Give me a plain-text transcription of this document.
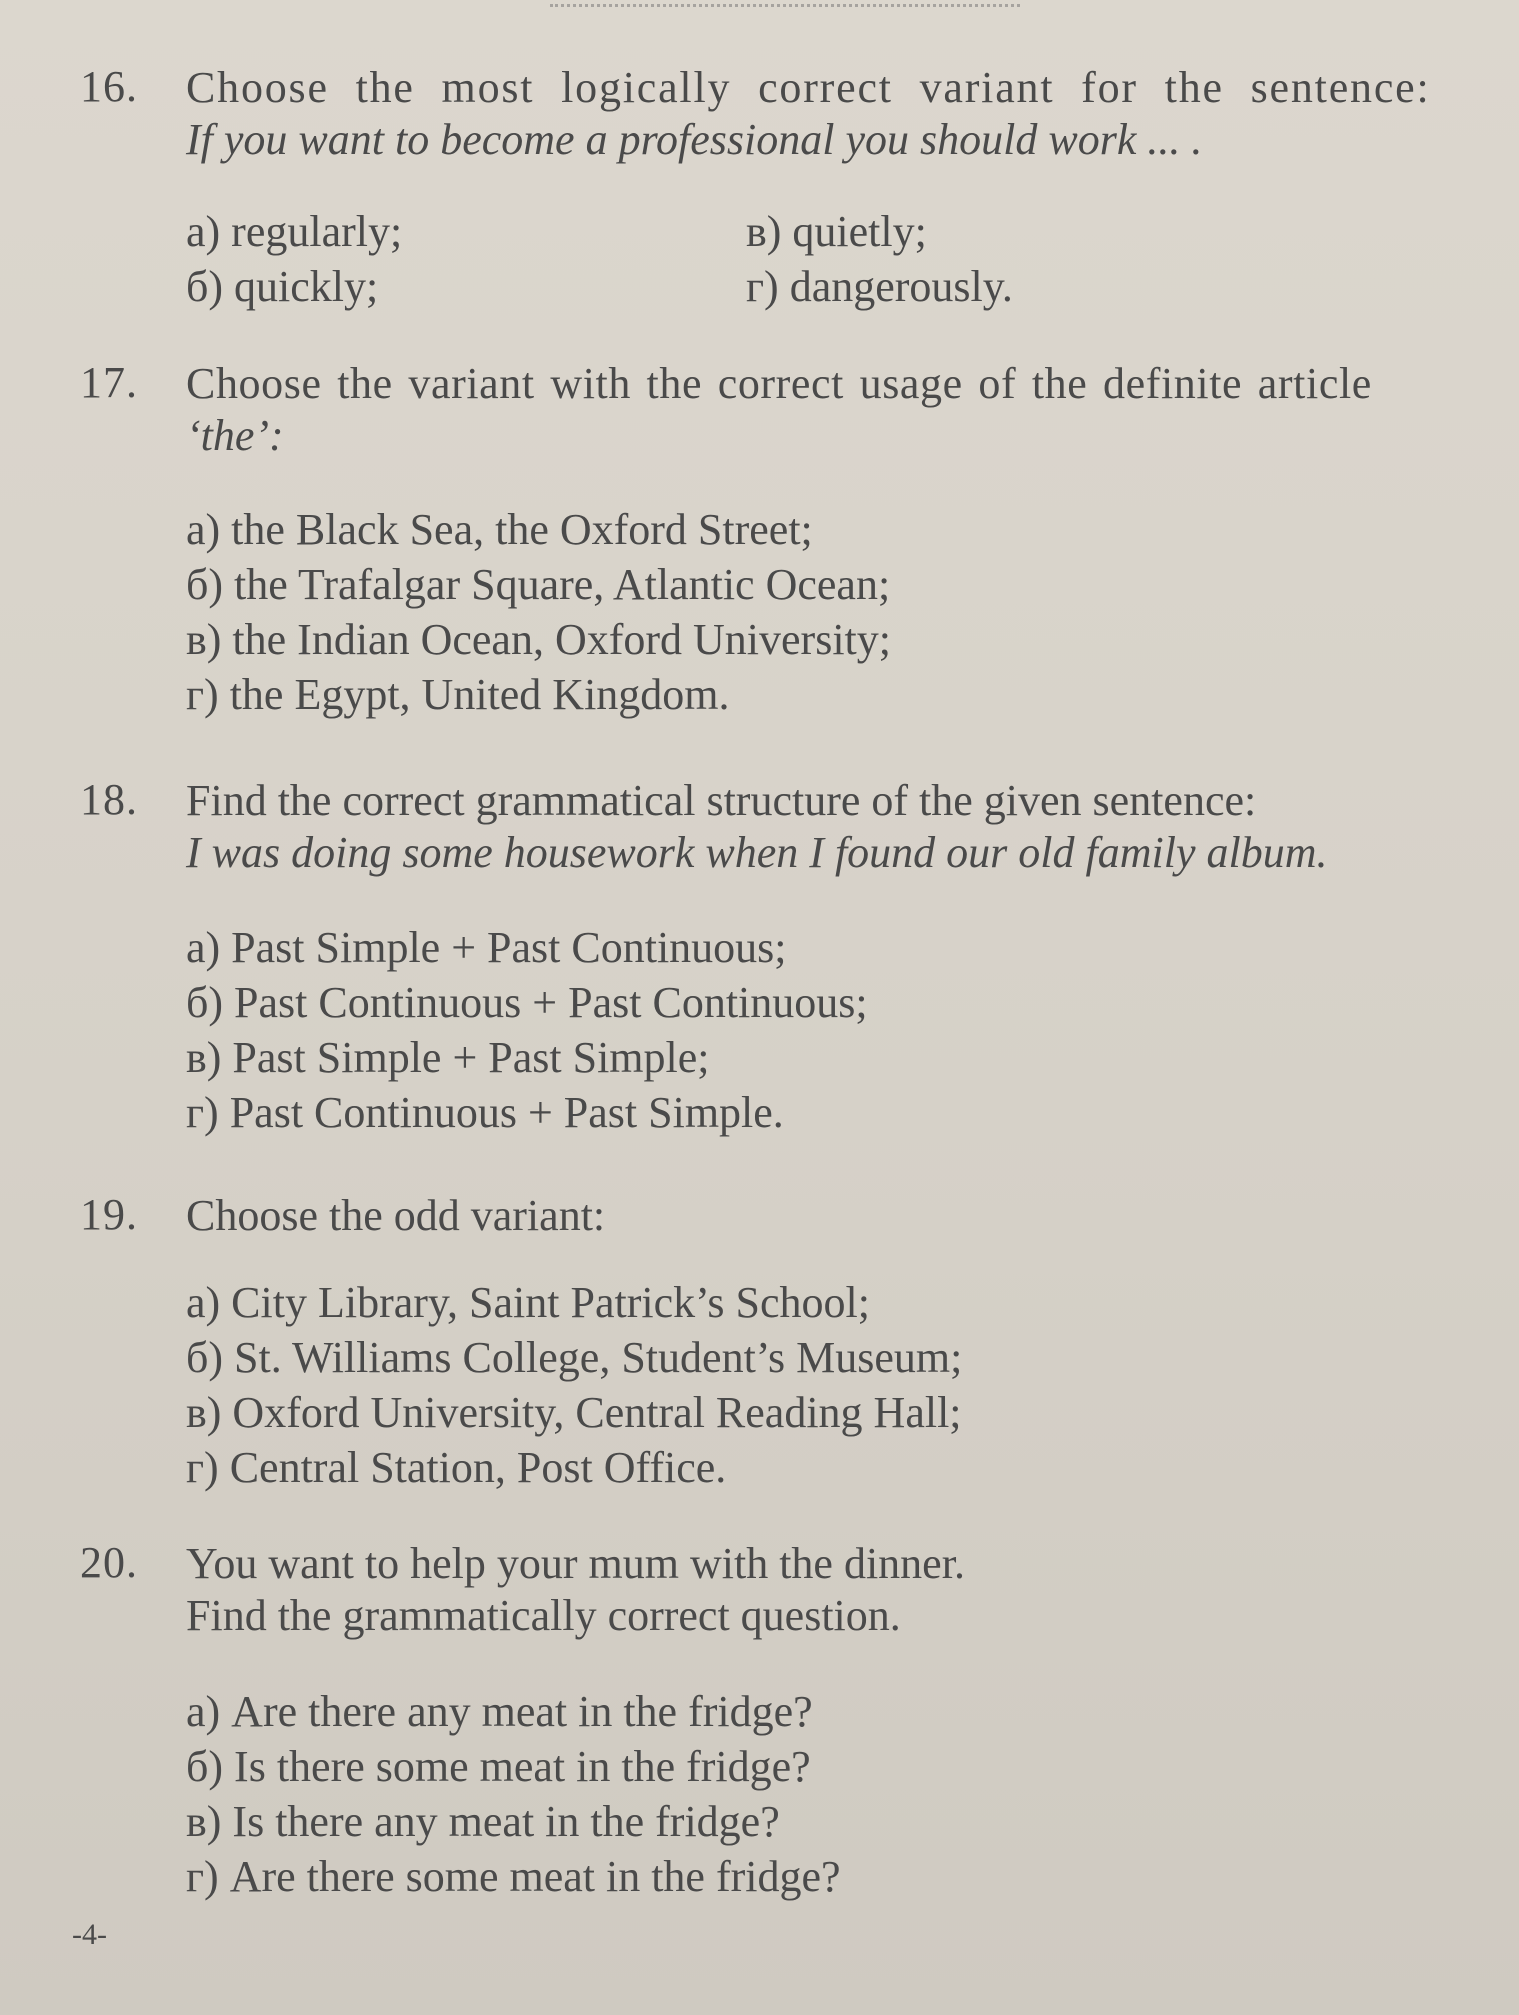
16. Choose the most logically correct variant for the sentence:
If you want to become a professional you should work ... .
а) regularly;
б) quickly;
в) quietly;
г) dangerously.
17. Choose the variant with the correct usage of the definite article
‘the’:
а) the Black Sea, the Oxford Street;
б) the Trafalgar Square, Atlantic Ocean;
в) the Indian Ocean, Oxford University;
г) the Egypt, United Kingdom.
18. Find the correct grammatical structure of the given sentence:
I was doing some housework when I found our old family album.
а) Past Simple + Past Continuous;
б) Past Continuous + Past Continuous;
в) Past Simple + Past Simple;
г) Past Continuous + Past Simple.
19. Choose the odd variant:
а) City Library, Saint Patrick’s School;
б) St. Williams College, Student’s Museum;
в) Oxford University, Central Reading Hall;
г) Central Station, Post Office.
20. You want to help your mum with the dinner.
Find the grammatically correct question.
а) Are there any meat in the fridge?
б) Is there some meat in the fridge?
в) Is there any meat in the fridge?
г) Are there some meat in the fridge?
-4-
